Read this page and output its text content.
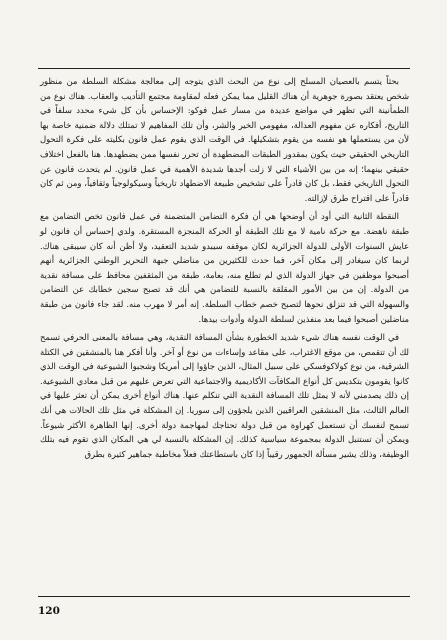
بحثاً يتسم بالعصيان المسلح إلى نوع من البحث الذي يتوجه إلى معالجة مشكلة السلطة من منظور شخص يعتقد بصورة جوهرية أن هناك القليل مما يمكن فعله لمقاومة مجتمع التأديب والعقاب. هناك نوع من الطمأنينة التي تظهر في مواضع عديدة من مسار عمل فوكو: الإحساس بأن كل شيء محدد سلفاً في التاريخ، أفكاره عن مفهوم العدالة، مفهومي الخير والشر، وأن تلك المفاهيم لا تمتلك دلالة ضمنية خاصة بها لأن من يستعملها هو نفسه من يقوم بتشكيلها. في الوقت الذي يقوم عمل فانون بكليته على فكرة التحول التاريخي الحقيقي حيث يكون بمقدور الطبقات المضطهدة أن تحرر نفسها ممن يضطهدها. هنا بالفعل اختلاف حقيقي بينهما؛ إنه من بين الأشياء التي لا زلت أجدها شديدة الأهمية في عمل فانون. لم يتحدث فانون عن التحول التاريخي فقط، بل كان قادراً على تشخيص طبيعة الاضطهاد تاريخياً وسيكولوجياً وثقافياً، ومن ثم كان قادراً على اقتراح طرق لإزالته.

النقطة الثانية التي أود أن أوضحها هي أن فكرة التضامن المتضمنة في عمل فانون تخص التضامن مع طبقة ناهضة. مع حركة نامية لا مع تلك الطبقة أو الحركة المنجزة المستقرة. ولدي إحساس أن فانون لو عايش السنوات الأولى للدولة الجزائرية لكان موقفه سيبدو شديد التعقيد، ولا أظن أنه كان سيبقى هناك. لربما كان سيغادر إلى مكان آخر، فما حدث للكثيرين من مناضلي جبهة التحرير الوطني الجزائرية أنهم أصبحوا موظفين في جهاز الدولة الذي لم تطلع منه، بعامة، طبقة من المثقفين محافظ على مسافة نقدية من الدولة. إن من بين الأمور المقلقة بالنسبة للتضامن هي أنك قد تصبح سجين خطابك عن التضامن والسهولة التي قد تنزلق نحوها لتصبح خصم خطاب السلطة. إنه أمر لا مهرب منه. لقد جاء فانون من طبقة مناضلين أصبحوا فيما بعد منفذين لسلطة الدولة وأدوات بيدها.

في الوقت نفسه هناك شيء شديد الخطورة بشأن المسافة النقدية، وهي مسافة بالمعنى الحرفي تسمح لك أن تتقمص، من موقع الاغتراب، على مقاعد وإساءات من نوع أو آخر. وأنا أفكر هنا بالمنشقين في الكتلة الشرقية، من نوع كولاكوفسكي على سبيل المثال، الذين جاؤوا إلى أمريكا وشجبوا الشيوعية في الوقت الذي كانوا يقومون بتكديس كل أنواع المكافآت الأكاديمية والاجتماعية التي تعرض عليهم من قبل معادي الشيوعية. إن ذلك يصدمني لأنه لا يمثل تلك المسافة النقدية التي تنكلم عنها. هناك أنواع أخرى يمكن أن تعثر عليها في العالم الثالث، مثل المنشقين العراقيين الذين يلجؤون إلى سوريا. إن المشكلة في مثل تلك الحالات هي أنك تسمح لنفسك أن تستعمل كهراوة من قبل دولة تحتاجك لمهاجمة دولة أخرى. إنها الظاهرة الأكثر شيوعاً. ويمكن أن تستنبل الدولة بمجموعة سياسية كذلك. إن المشكلة بالنسبة لي هي المكان الذي تقوم فيه بتلك الوظيفة، وذلك يشير مسألة الجمهور رقيباً إذا كان باستطاعتك فعلاً مخاطبة جماهير كثيرة بطرق

120
